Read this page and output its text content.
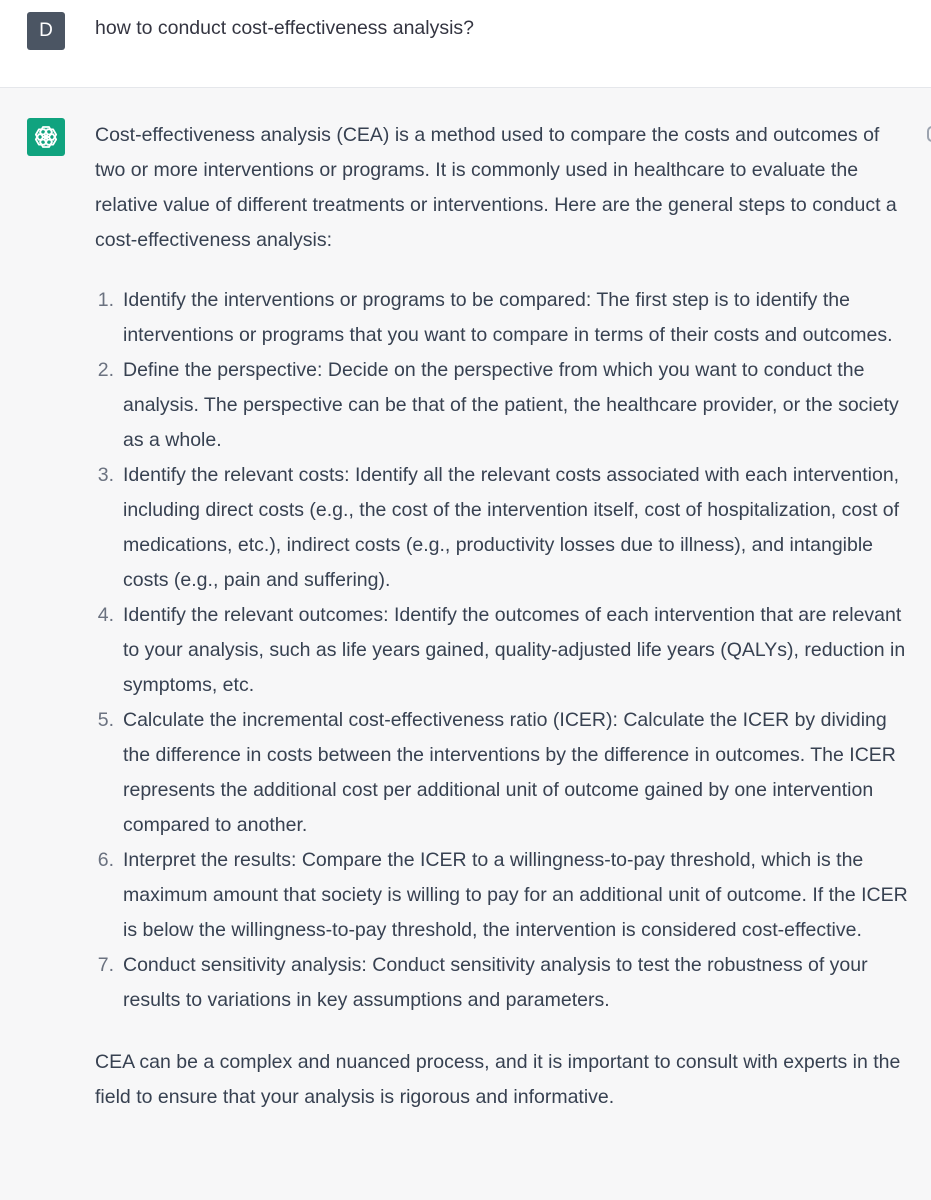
D	how to conduct cost-effectiveness analysis?

Cost-effectiveness analysis (CEA) is a method used to compare the costs and outcomes of two or more interventions or programs. It is commonly used in healthcare to evaluate the relative value of different treatments or interventions. Here are the general steps to conduct a cost-effectiveness analysis:

Identify the interventions or programs to be compared: The first step is to identify the interventions or programs that you want to compare in terms of their costs and outcomes.
Define the perspective: Decide on the perspective from which you want to conduct the analysis. The perspective can be that of the patient, the healthcare provider, or the society as a whole.
Identify the relevant costs: Identify all the relevant costs associated with each intervention, including direct costs (e.g., the cost of the intervention itself, cost of hospitalization, cost of medications, etc.), indirect costs (e.g., productivity losses due to illness), and intangible costs (e.g., pain and suffering).
Identify the relevant outcomes: Identify the outcomes of each intervention that are relevant to your analysis, such as life years gained, quality-adjusted life years (QALYs), reduction in symptoms, etc.
Calculate the incremental cost-effectiveness ratio (ICER): Calculate the ICER by dividing the difference in costs between the interventions by the difference in outcomes. The ICER represents the additional cost per additional unit of outcome gained by one intervention compared to another.
Interpret the results: Compare the ICER to a willingness-to-pay threshold, which is the maximum amount that society is willing to pay for an additional unit of outcome. If the ICER is below the willingness-to-pay threshold, the intervention is considered cost-effective.
Conduct sensitivity analysis: Conduct sensitivity analysis to test the robustness of your results to variations in key assumptions and parameters.

CEA can be a complex and nuanced process, and it is important to consult with experts in the field to ensure that your analysis is rigorous and informative.
